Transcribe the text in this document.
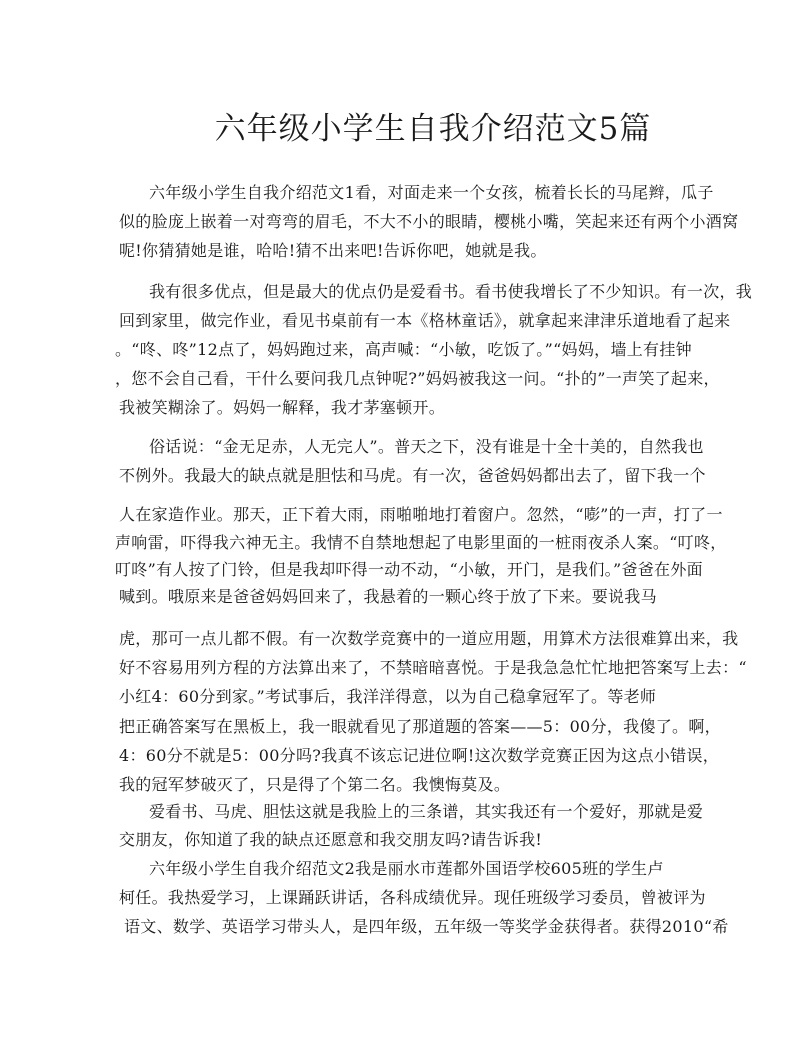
六年级小学生自我介绍范文5篇
六年级小学生自我介绍范文1看，对面走来一个女孩，梳着长长的马尾辫，瓜子
似的脸庞上嵌着一对弯弯的眉毛，不大不小的眼睛，樱桃小嘴，笑起来还有两个小酒窝
呢!你猜猜她是谁，哈哈!猜不出来吧!告诉你吧，她就是我。
我有很多优点，但是最大的优点仍是爱看书。看书使我增长了不少知识。有一次，我
回到家里，做完作业，看见书桌前有一本《格林童话》，就拿起来津津乐道地看了起来
。“咚、咚”12点了，妈妈跑过来，高声喊：“小敏，吃饭了。”“妈妈，墙上有挂钟
，您不会自己看，干什么要问我几点钟呢?”妈妈被我这一问。“扑的”一声笑了起来，
我被笑糊涂了。妈妈一解释，我才茅塞顿开。
俗话说：“金无足赤，人无完人”。普天之下，没有谁是十全十美的，自然我也
不例外。我最大的缺点就是胆怯和马虎。有一次，爸爸妈妈都出去了，留下我一个
人在家造作业。那天，正下着大雨，雨啪啪地打着窗户。忽然，“嘭”的一声，打了一
声响雷，吓得我六神无主。我情不自禁地想起了电影里面的一桩雨夜杀人案。“叮咚，
叮咚”有人按了门铃，但是我却吓得一动不动，“小敏，开门，是我们。”爸爸在外面
喊到。哦原来是爸爸妈妈回来了，我悬着的一颗心终于放了下来。要说我马
虎，那可一点儿都不假。有一次数学竞赛中的一道应用题，用算术方法很难算出来，我
好不容易用列方程的方法算出来了，不禁暗暗喜悦。于是我急急忙忙地把答案写上去：“
小红4：60分到家。”考试事后，我洋洋得意，以为自己稳拿冠军了。等老师
把正确答案写在黑板上，我一眼就看见了那道题的答案——5：00分，我傻了。啊，
4：60分不就是5：00分吗?我真不该忘记进位啊!这次数学竞赛正因为这点小错误，
我的冠军梦破灭了，只是得了个第二名。我懊悔莫及。
爱看书、马虎、胆怯这就是我脸上的三条谱，其实我还有一个爱好，那就是爱
交朋友，你知道了我的缺点还愿意和我交朋友吗?请告诉我!
六年级小学生自我介绍范文2我是丽水市莲都外国语学校605班的学生卢
柯任。我热爱学习，上课踊跃讲话，各科成绩优异。现任班级学习委员，曾被评为
语文、数学、英语学习带头人，是四年级，五年级一等奖学金获得者。获得2010“希
